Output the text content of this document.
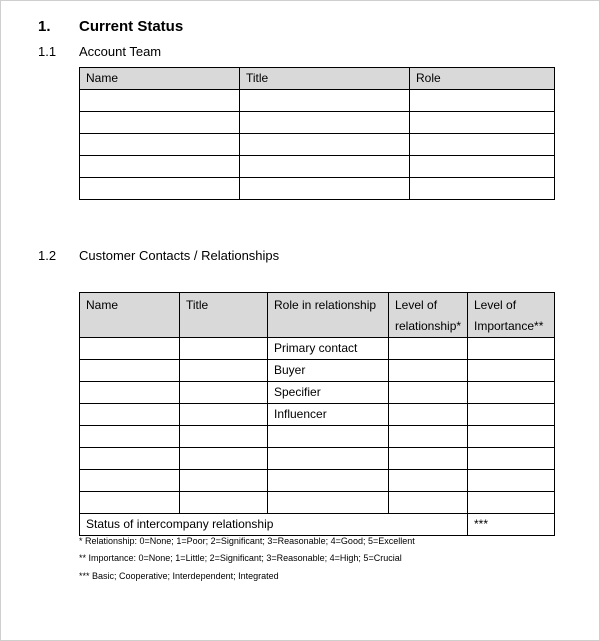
1. Current Status
1.1 Account Team
Name	Title	Role

1.2 Customer Contacts / Relationships
Name	Title	Role in relationship	Level of relationship*	Level of Importance**

		Primary contact		

		Buyer		

		Specifier		

		Influencer		

Status of intercompany relationship				***
* Relationship: 0=None; 1=Poor; 2=Significant; 3=Reasonable; 4=Good; 5=Excellent
** Importance: 0=None; 1=Little; 2=Significant; 3=Reasonable; 4=High; 5=Crucial
*** Basic; Cooperative; Interdependent; Integrated
